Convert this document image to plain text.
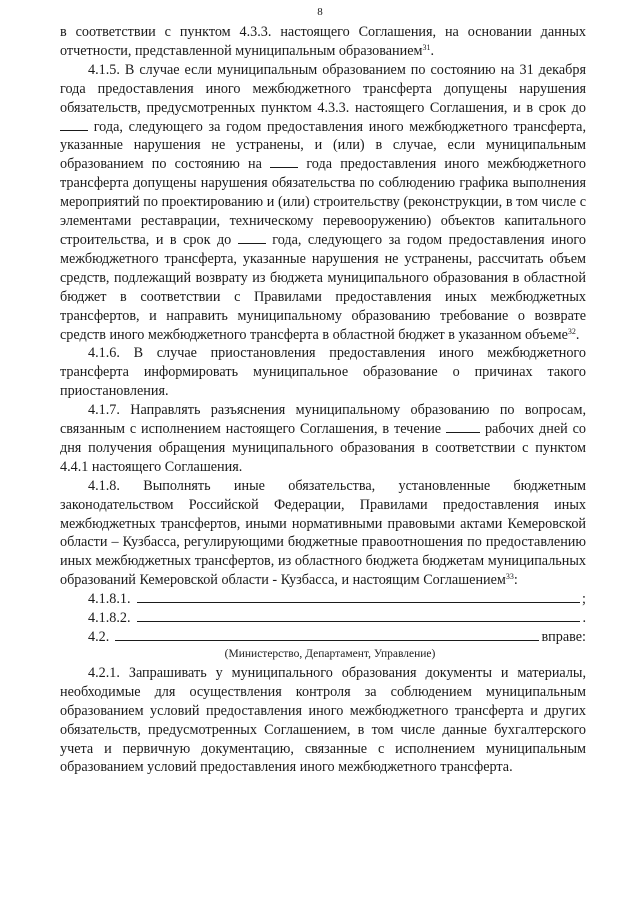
8

в соответствии с пунктом 4.3.3. настоящего Соглашения, на основании данных отчетности, представленной муниципальным образованием$^{31}$.

4.1.5. В случае если муниципальным образованием по состоянию на 31 декабря года предоставления иного межбюджетного трансферта допущены нарушения обязательств, предусмотренных пунктом 4.3.3. настоящего Соглашения, и в срок до  года, следующего за годом предоставления иного межбюджетного трансферта, указанные нарушения не устранены, и (или) в случае, если муниципальным образованием по состоянию на	года предоставления иного межбюджетного трансферта допущены нарушения обязательства по соблюдению графика выполнения мероприятий по проектированию и (или) строительству (реконструкции, в том числе с элементами реставрации, техническому перевооружению) объектов капитального строительства, и в срок до	года, следующего за годом предоставления иного межбюджетного трансферта, указанные нарушения не устранены, рассчитать объем средств, подлежащий возврату из бюджета муниципального образования в областной бюджет в соответствии с Правилами предоставления иных межбюджетных трансфертов, и направить муниципальному образованию требование о возврате средств иного межбюджетного трансферта в областной бюджет в указанном объеме$^{32}$.

4.1.6. В случае приостановления предоставления иного межбюджетного трансферта информировать муниципальное образование о причинах такого приостановления.

4.1.7. Направлять разъяснения муниципальному образованию по вопросам, связанным с исполнением настоящего Соглашения, в течение	рабочих дней со дня получения обращения муниципального образования в соответствии с пунктом 4.4.1 настоящего Соглашения.

4.1.8. Выполнять иные обязательства, установленные бюджетным законодательством Российской Федерации, Правилами предоставления иных межбюджетных трансфертов, иными нормативными правовыми актами Кемеровской области – Кузбасса, регулирующими бюджетные правоотношения по предоставлению иных межбюджетных трансфертов, из областного бюджета бюджетам муниципальных образований Кемеровской области - Кузбасса, и настоящим Соглашением$^{33}$:

4.1.8.1.	;
4.1.8.2.	.
4.2.	вправе:
(Министерство, Департамент, Управление)

4.2.1. Запрашивать у муниципального образования документы и материалы, необходимые для осуществления контроля за соблюдением муниципальным образованием условий предоставления иного межбюджетного трансферта и других обязательств, предусмотренных Соглашением, в том числе данные бухгалтерского учета и первичную документацию, связанные с исполнением муниципальным образованием условий предоставления иного межбюджетного трансферта.
